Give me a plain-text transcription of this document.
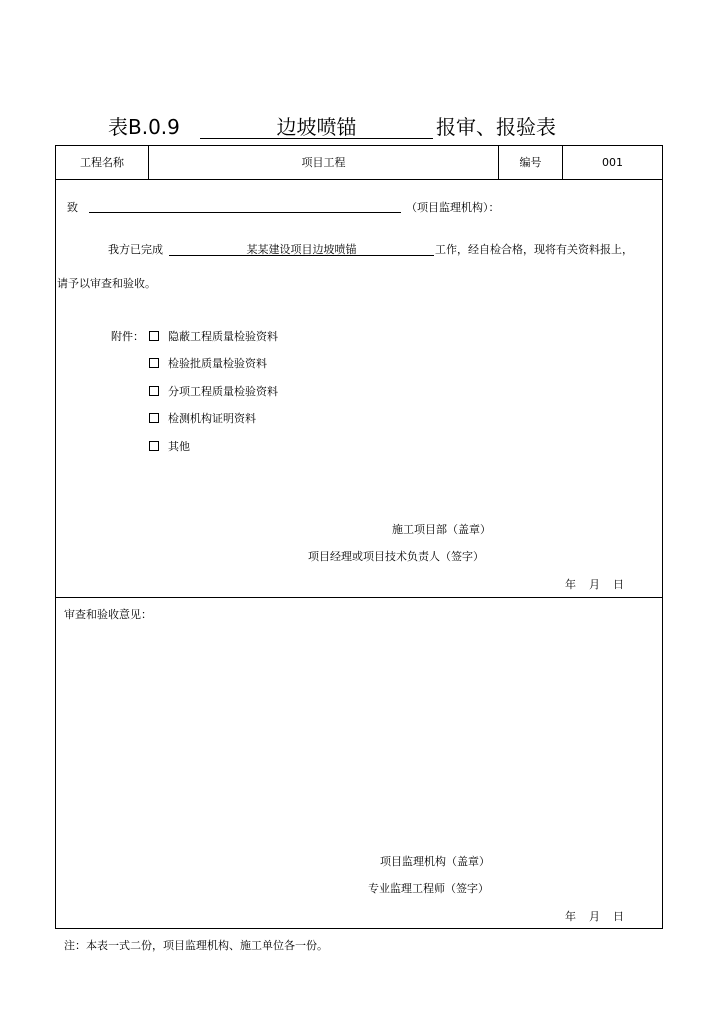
表B.0.9	边坡喷锚	报审、报验表
工程名称	项目工程	编号	001
致	（项目监理机构）：
我方已完成	某某建设项目边坡喷锚	工作，经自检合格，现将有关资料报上，
请予以审查和验收。
附件：	隐蔽工程质量检验资料
检验批质量检验资料
分项工程质量检验资料
检测机构证明资料
其他
施工项目部（盖章）
项目经理或项目技术负责人（签字）
年 月 日
审查和验收意见：
项目监理机构（盖章）
专业监理工程师（签字）
年 月 日
注：本表一式二份，项目监理机构、施工单位各一份。
